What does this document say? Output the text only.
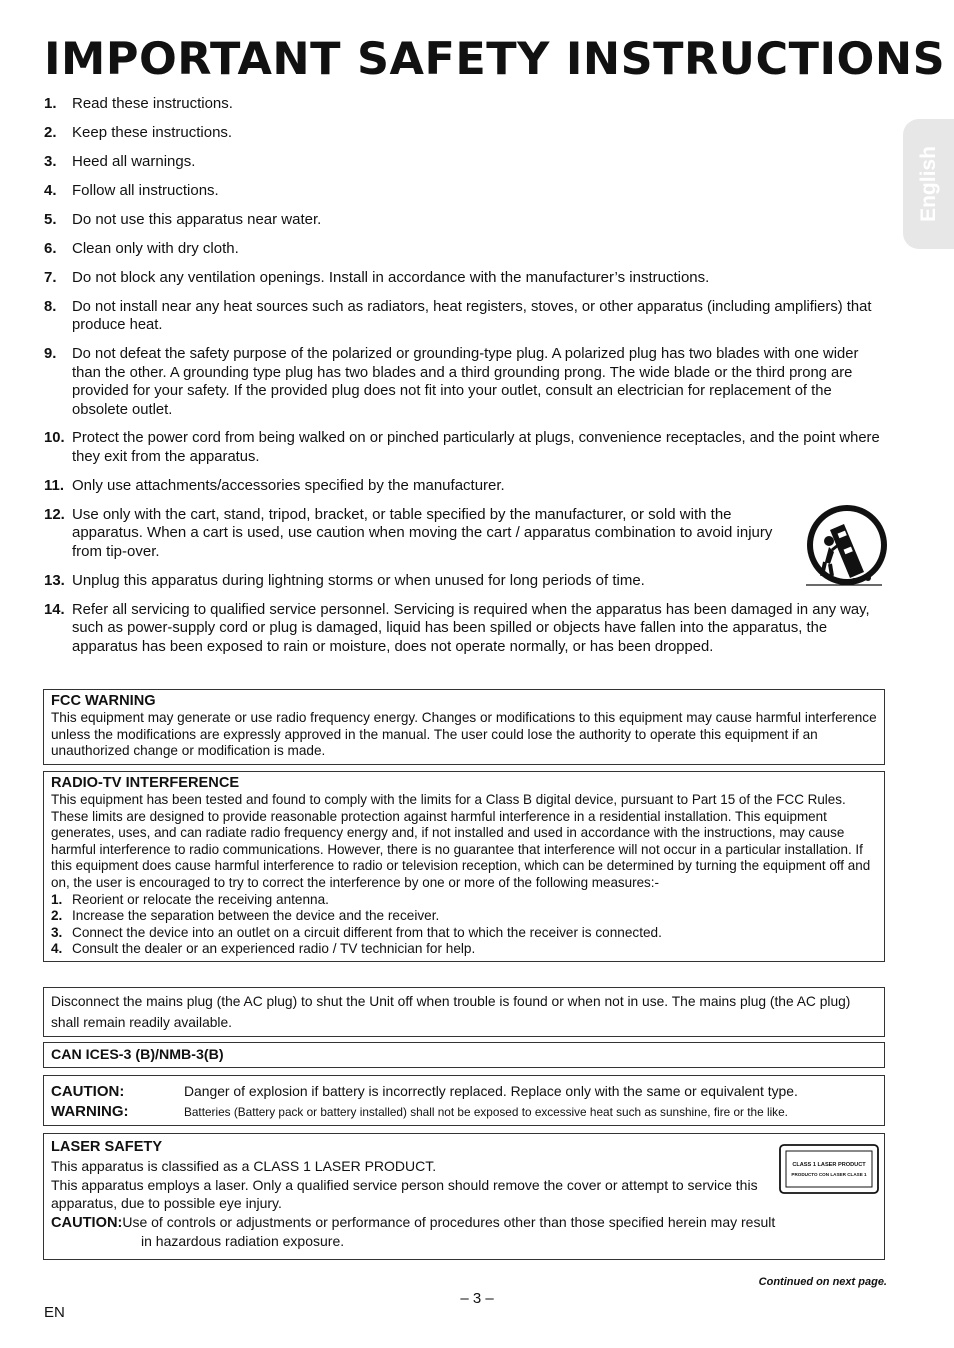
IMPORTANT SAFETY INSTRUCTIONS
English
1. Read these instructions.
2. Keep these instructions.
3. Heed all warnings.
4. Follow all instructions.
5. Do not use this apparatus near water.
6. Clean only with dry cloth.
7. Do not block any ventilation openings. Install in accordance with the manufacturer’s instructions.
8. Do not install near any heat sources such as radiators, heat registers, stoves, or other apparatus (including amplifiers) that produce heat.
9. Do not defeat the safety purpose of the polarized or grounding-type plug. A polarized plug has two blades with one wider than the other. A grounding type plug has two blades and a third grounding prong. The wide blade or the third prong are provided for your safety. If the provided plug does not fit into your outlet, consult an electrician for replacement of the obsolete outlet.
10. Protect the power cord from being walked on or pinched particularly at plugs, convenience receptacles, and the point where they exit from the apparatus.
11. Only use attachments/accessories specified by the manufacturer.
12. Use only with the cart, stand, tripod, bracket, or table specified by the manufacturer, or sold with the apparatus. When a cart is used, use caution when moving the cart / apparatus combination to avoid injury from tip-over.
13. Unplug this apparatus during lightning storms or when unused for long periods of time.
14. Refer all servicing to qualified service personnel. Servicing is required when the apparatus has been damaged in any way, such as power-supply cord or plug is damaged, liquid has been spilled or objects have fallen into the apparatus, the apparatus has been exposed to rain or moisture, does not operate normally, or has been dropped.
FCC WARNING
This equipment may generate or use radio frequency energy. Changes or modifications to this equipment may cause harmful interference unless the modifications are expressly approved in the manual. The user could lose the authority to operate this equipment if an unauthorized change or modification is made.
RADIO-TV INTERFERENCE
This equipment has been tested and found to comply with the limits for a Class B digital device, pursuant to Part 15 of the FCC Rules. These limits are designed to provide reasonable protection against harmful interference in a residential installation. This equipment generates, uses, and can radiate radio frequency energy and, if not installed and used in accordance with the instructions, may cause harmful interference to radio communications. However, there is no guarantee that interference will not occur in a particular installation. If this equipment does cause harmful interference to radio or television reception, which can be determined by turning the equipment off and on, the user is encouraged to try to correct the interference by one or more of the following measures:-
1. Reorient or relocate the receiving antenna.
2. Increase the separation between the device and the receiver.
3. Connect the device into an outlet on a circuit different from that to which the receiver is connected.
4. Consult the dealer or an experienced radio / TV technician for help.
Disconnect the mains plug (the AC plug) to shut the Unit off when trouble is found or when not in use. The mains plug (the AC plug) shall remain readily available.
CAN ICES-3 (B)/NMB-3(B)
CAUTION:	Danger of explosion if battery is incorrectly replaced. Replace only with the same or equivalent type.
WARNING:	Batteries (Battery pack or battery installed) shall not be exposed to excessive heat such as sunshine, fire or the like.
LASER SAFETY
This apparatus is classified as a CLASS 1 LASER PRODUCT.
This apparatus employs a laser. Only a qualified service person should remove the cover or attempt to service this apparatus, due to possible eye injury.
CAUTION:Use of controls or adjustments or performance of procedures other than those specified herein may result
in hazardous radiation exposure.
CLASS 1 LASER PRODUCT
PRODUCTO CON LASER CLASE 1
Continued on next page.
– 3 –
EN
